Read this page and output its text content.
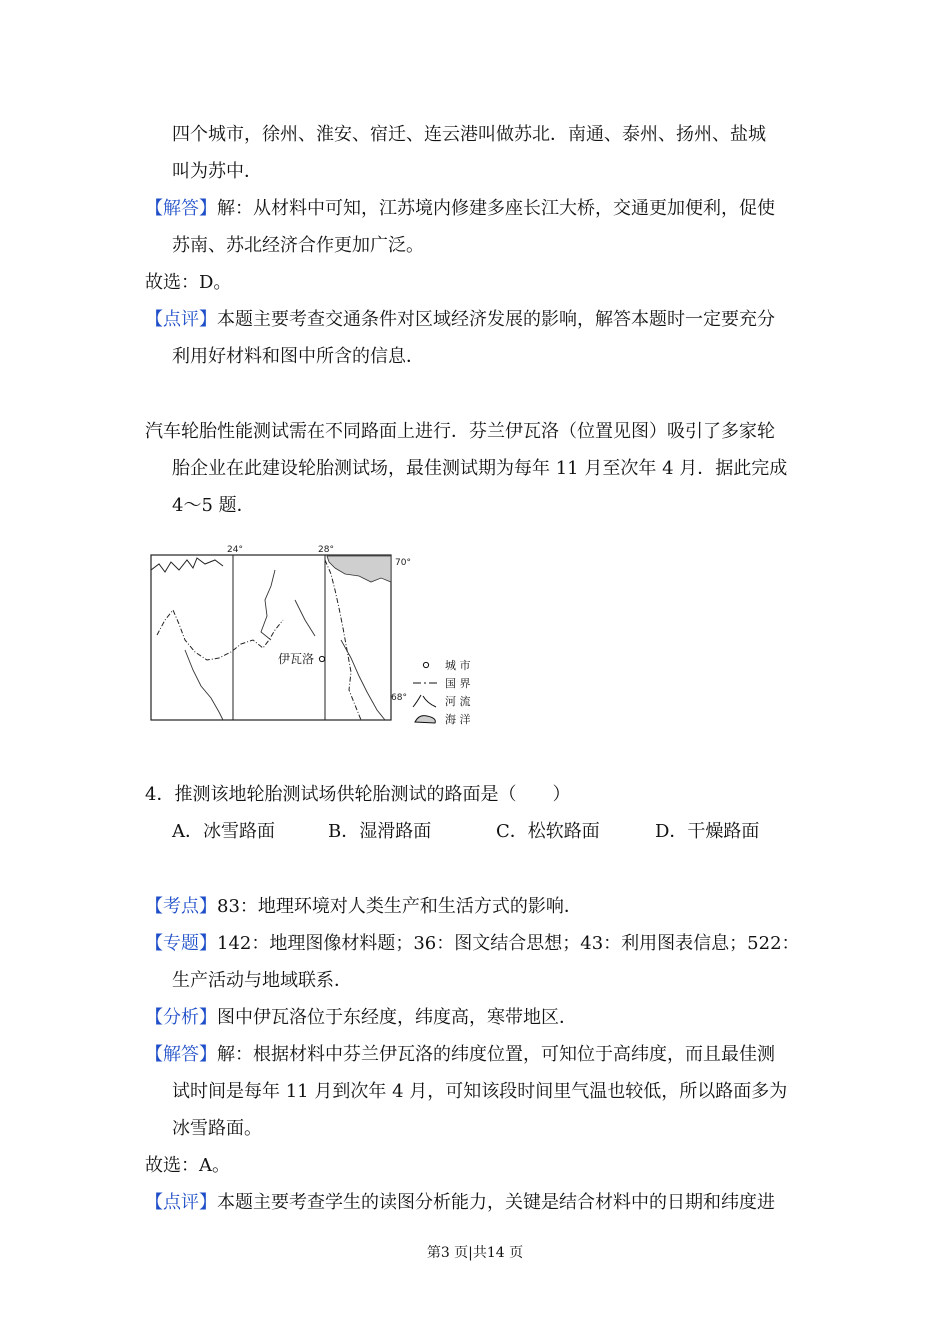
四个城市，徐州、淮安、宿迁、连云港叫做苏北．南通、泰州、扬州、盐城
叫为苏中．
【解答】解：从材料中可知，江苏境内修建多座长江大桥，交通更加便利，促使
苏南、苏北经济合作更加广泛。
故选：D。
【点评】本题主要考查交通条件对区域经济发展的影响，解答本题时一定要充分
利用好材料和图中所含的信息．
汽车轮胎性能测试需在不同路面上进行．芬兰伊瓦洛（位置见图）吸引了多家轮
胎企业在此建设轮胎测试场，最佳测试期为每年 11 月至次年 4 月．据此完成
4～5 题．
24°	28°
70°
68°
伊瓦洛	城 市
国 界
河 流
海 洋
4．推测该地轮胎测试场供轮胎测试的路面是（　　）
A．冰雪路面	B．湿滑路面	C．松软路面	D．干燥路面
【考点】83：地理环境对人类生产和生活方式的影响．
【专题】142：地理图像材料题；36：图文结合思想；43：利用图表信息；522：
生产活动与地域联系．
【分析】图中伊瓦洛位于东经度，纬度高，寒带地区．
【解答】解：根据材料中芬兰伊瓦洛的纬度位置，可知位于高纬度，而且最佳测
试时间是每年 11 月到次年 4 月，可知该段时间里气温也较低，所以路面多为
冰雪路面。
故选：A。
【点评】本题主要考查学生的读图分析能力，关键是结合材料中的日期和纬度进
第3 页|共14 页
